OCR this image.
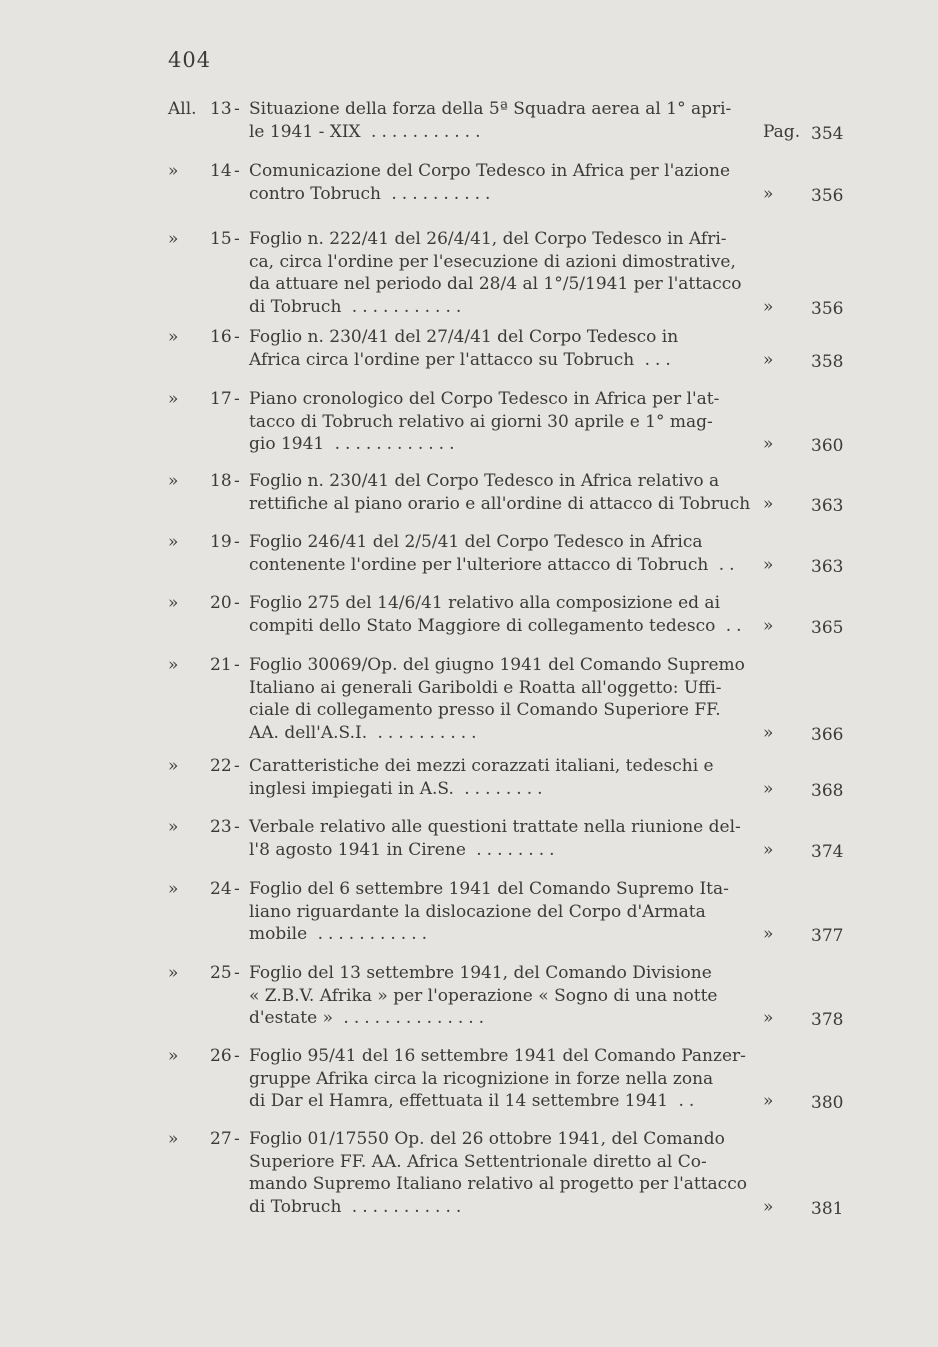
404
All. 13 - Situazione della forza della 5ª Squadra aerea al 1° apri-
le 1941 - XIX ...........	Pag. 354
» 14 - Comunicazione del Corpo Tedesco in Africa per l'azione
contro Tobruch ..........	» 356
» 15 - Foglio n. 222/41 del 26/4/41, del Corpo Tedesco in Afri-
ca, circa l'ordine per l'esecuzione di azioni dimostrative,
da attuare nel periodo dal 28/4 al 1°/5/1941 per l'attacco
di Tobruch ...........	» 356
» 16 - Foglio n. 230/41 del 27/4/41 del Corpo Tedesco in
Africa circa l'ordine per l'attacco su Tobruch ...	» 358
» 17 - Piano cronologico del Corpo Tedesco in Africa per l'at-
tacco di Tobruch relativo ai giorni 30 aprile e 1° mag-
gio 1941 ............	» 360
» 18 - Foglio n. 230/41 del Corpo Tedesco in Africa relativo a
rettifiche al piano orario e all'ordine di attacco di Tobruch » 363
» 19 - Foglio 246/41 del 2/5/41 del Corpo Tedesco in Africa
contenente l'ordine per l'ulteriore attacco di Tobruch .. » 363
» 20 - Foglio 275 del 14/6/41 relativo alla composizione ed ai
compiti dello Stato Maggiore di collegamento tedesco .. » 365
» 21 - Foglio 30069/Op. del giugno 1941 del Comando Supremo
Italiano ai generali Gariboldi e Roatta all'oggetto: Uffi-
ciale di collegamento presso il Comando Superiore FF.
AA. dell'A.S.I. ..........	» 366
» 22 - Caratteristiche dei mezzi corazzati italiani, tedeschi e
inglesi impiegati in A.S. ........	» 368
» 23 - Verbale relativo alle questioni trattate nella riunione del-
l'8 agosto 1941 in Cirene ........	» 374
» 24 - Foglio del 6 settembre 1941 del Comando Supremo Ita-
liano riguardante la dislocazione del Corpo d'Armata
mobile ...........	» 377
» 25 - Foglio del 13 settembre 1941, del Comando Divisione
« Z.B.V. Afrika » per l'operazione « Sogno di una notte
d'estate » ..............	» 378
» 26 - Foglio 95/41 del 16 settembre 1941 del Comando Panzer-
gruppe Afrika circa la ricognizione in forze nella zona
di Dar el Hamra, effettuata il 14 settembre 1941 ..	» 380
» 27 - Foglio 01/17550 Op. del 26 ottobre 1941, del Comando
Superiore FF. AA. Africa Settentrionale diretto al Co-
mando Supremo Italiano relativo al progetto per l'attacco
di Tobruch ...........	» 381
